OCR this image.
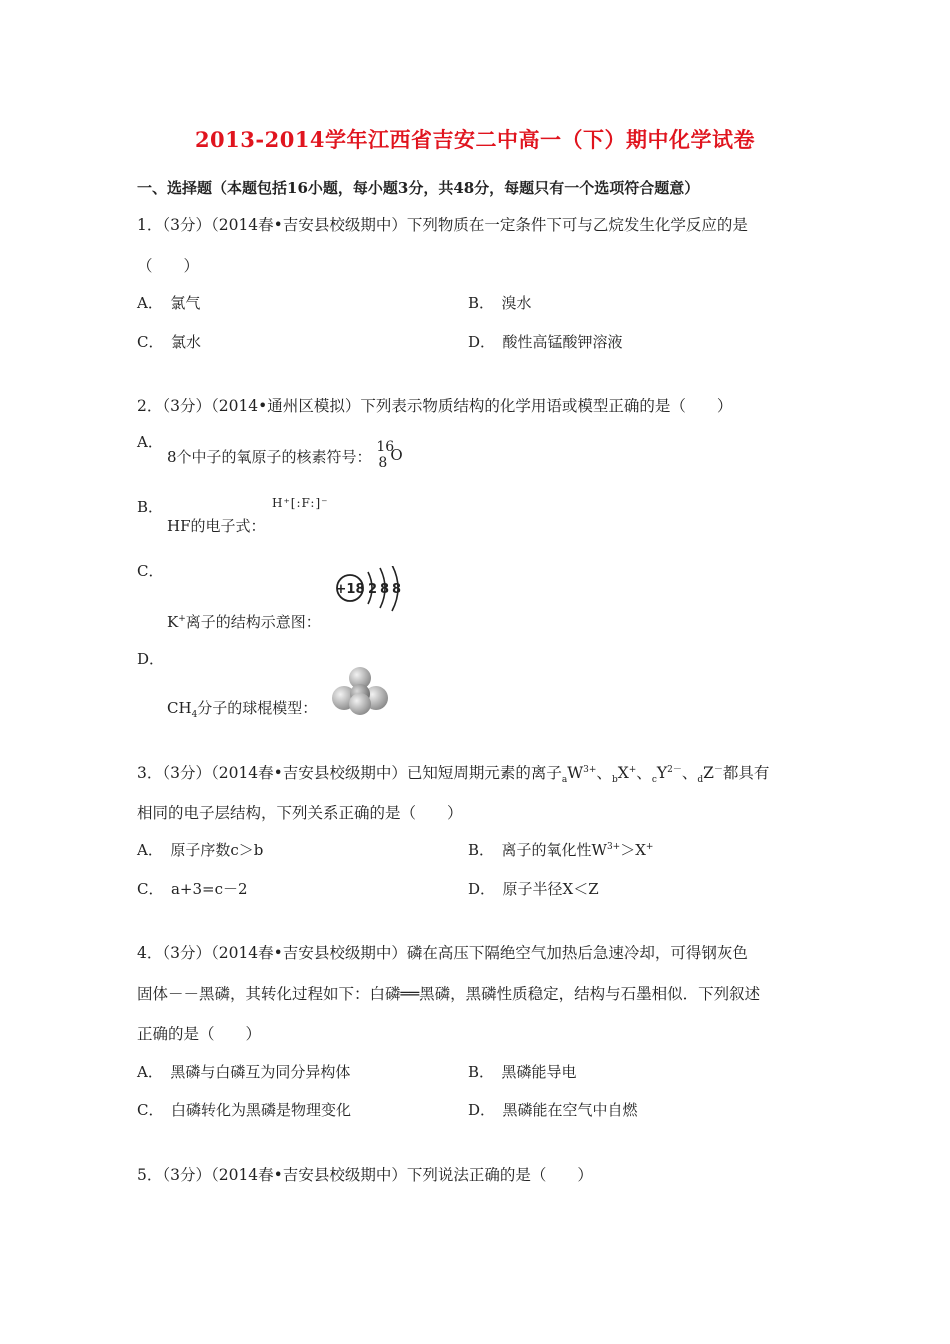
2013-2014学年江西省吉安二中高一（下）期中化学试卷
一、选择题（本题包括16小题，每小题3分，共48分，每题只有一个选项符合题意）
1．（3分）（2014春•吉安县校级期中）下列物质在一定条件下可与乙烷发生化学反应的是
（　　）
A．　氯气	B．　溴水
C．　氯水	D．　酸性高锰酸钾溶液
2．（3分）（2014•通州区模拟）下列表示物质结构的化学用语或模型正确的是（　　）
A．
8个中子的氧原子的核素符号：
16
8 O
B．	H⁺[:F:]⁻
HF的电子式：
C．
+18 2 8 8
K+离子的结构示意图：
D．
$CH_4$分子的球棍模型：
3．（3分）（2014春•吉安县校级期中）已知短周期元素的离子$_aW^{3+}$、$_b$X+、$_cY^{2-}$、$_d$Z－都具有
相同的电子层结构，下列关系正确的是（　　）
A．　原子序数c＞b	B．　离子的氧化性$W^{3+}>X^+$
C．　a+3=c－2	D．　原子半径X＜Z
4．（3分）（2014春•吉安县校级期中）磷在高压下隔绝空气加热后急速冷却，可得钢灰色
固体－－黑磷，其转化过程如下：白磷══黑磷，黑磷性质稳定，结构与石墨相似．下列叙述
正确的是（　　）
A．　黑磷与白磷互为同分异构体	B．　黑磷能导电
C．　白磷转化为黑磷是物理变化	D．　黑磷能在空气中自燃
5．（3分）（2014春•吉安县校级期中）下列说法正确的是（　　）
